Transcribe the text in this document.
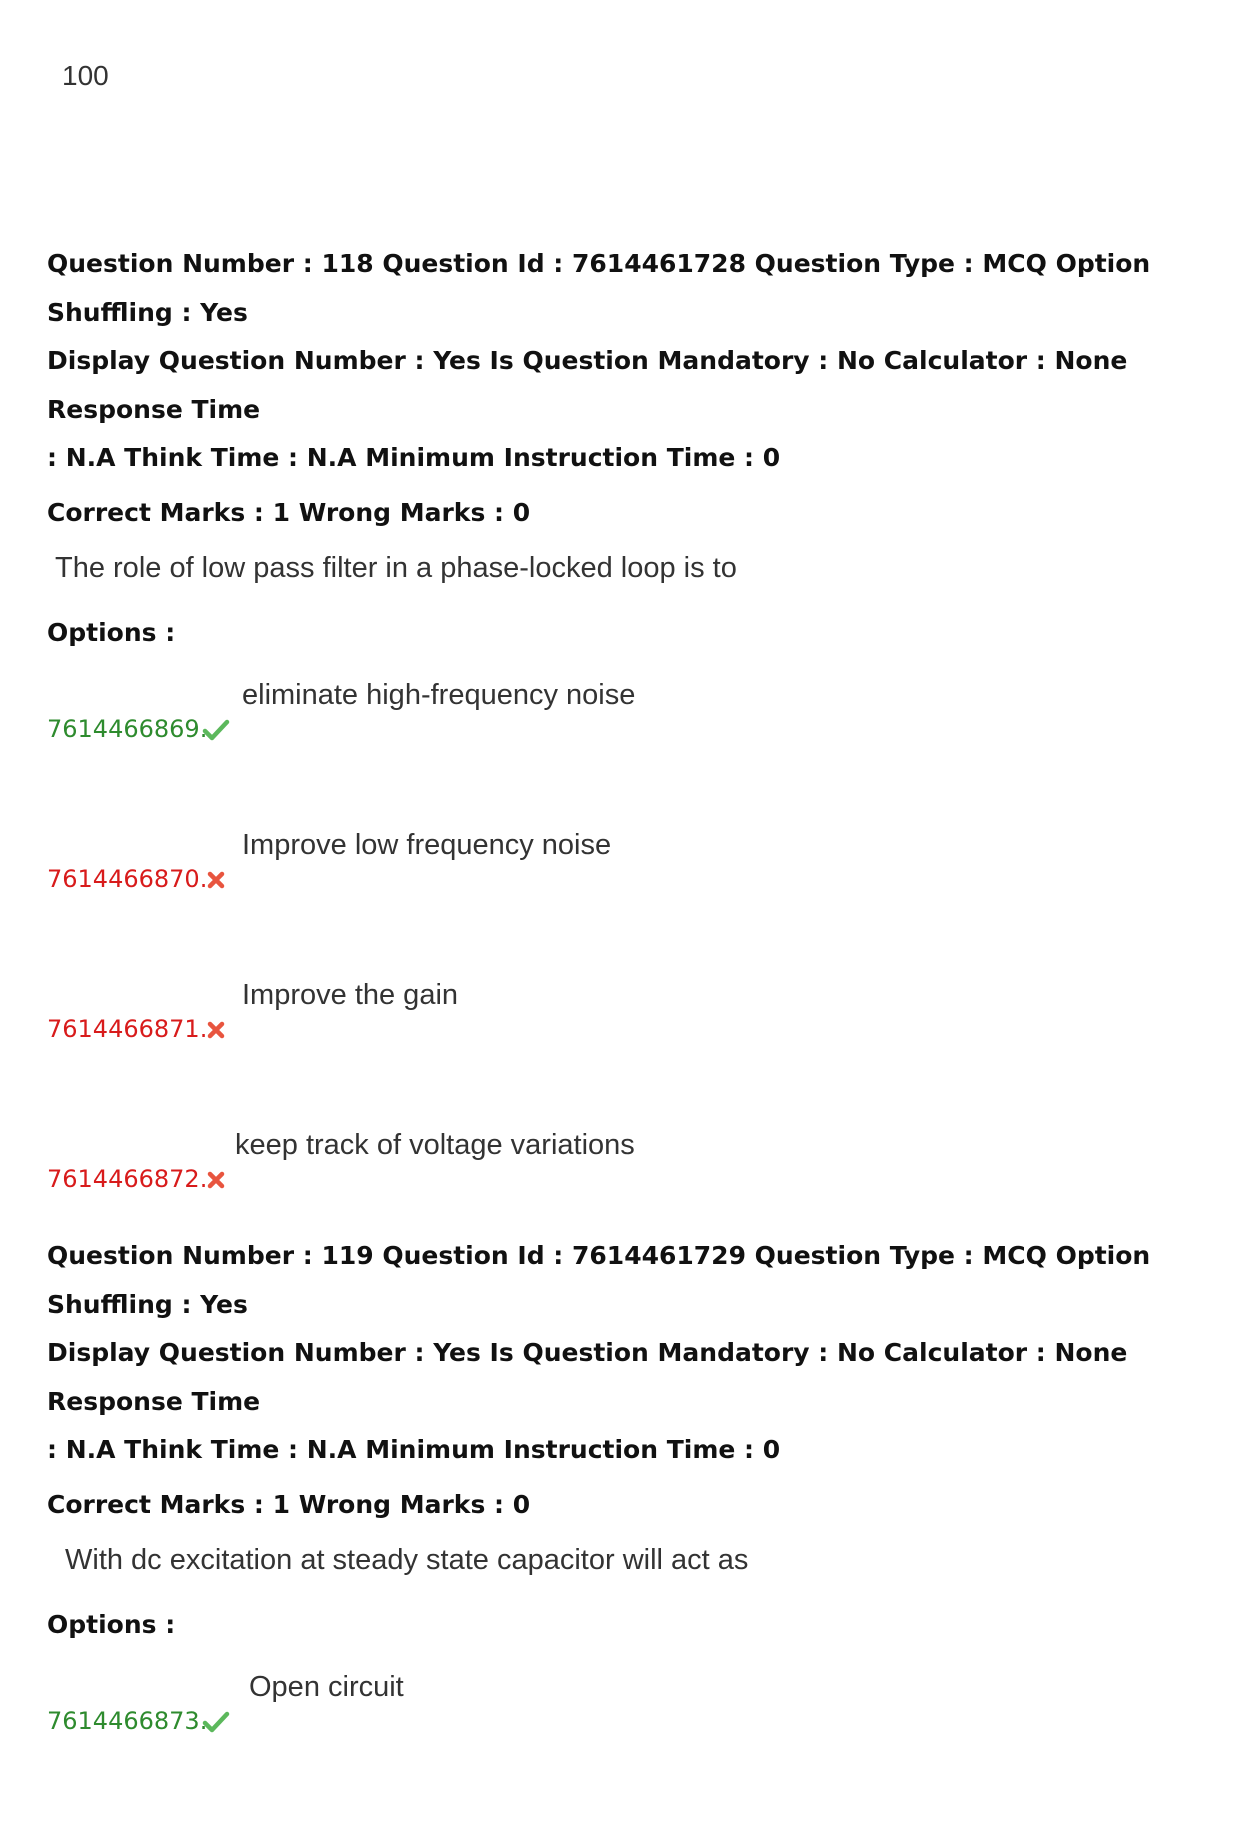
100
Question Number : 118 Question Id : 7614461728 Question Type : MCQ Option Shuffling : Yes
Display Question Number : Yes Is Question Mandatory : No Calculator : None Response Time
: N.A Think Time : N.A Minimum Instruction Time : 0
Correct Marks : 1 Wrong Marks : 0
The role of low pass filter in a phase-locked loop is to
Options :
7614466869.
eliminate high-frequency noise
7614466870.
Improve low frequency noise
7614466871.
Improve the gain
7614466872.
keep track of voltage variations
Question Number : 119 Question Id : 7614461729 Question Type : MCQ Option Shuffling : Yes
Display Question Number : Yes Is Question Mandatory : No Calculator : None Response Time
: N.A Think Time : N.A Minimum Instruction Time : 0
Correct Marks : 1 Wrong Marks : 0
With dc excitation at steady state capacitor will act as
Options :
7614466873.
Open circuit
